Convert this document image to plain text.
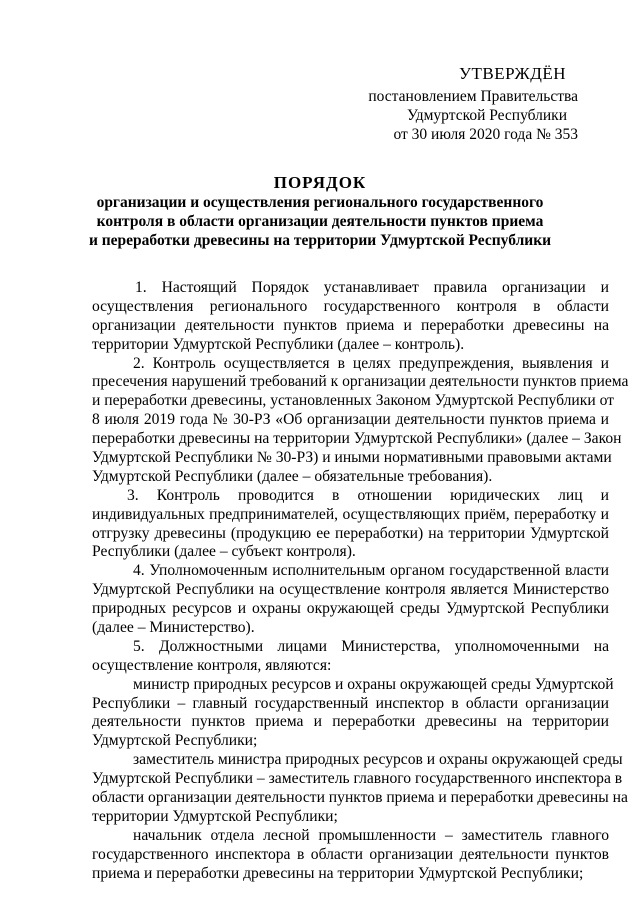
УТВЕРЖДЁН
постановлением Правительства
Удмуртской Республики
от 30 июля 2020 года № 353
ПОРЯДОК
организации и осуществления регионального государственного
контроля в области организации деятельности пунктов приема
и переработки древесины на территории Удмуртской Республики
1. Настоящий Порядок устанавливает правила организации и
осуществления регионального государственного контроля в области
организации деятельности пунктов приема и переработки древесины на
территории Удмуртской Республики (далее – контроль).
2. Контроль осуществляется в целях предупреждения, выявления и
пресечения нарушений требований к организации деятельности пунктов приема
и переработки древесины, установленных Законом Удмуртской Республики от
8 июля 2019 года № 30-РЗ «Об организации деятельности пунктов приема и
переработки древесины на территории Удмуртской Республики» (далее – Закон
Удмуртской Республики № 30-РЗ) и иными нормативными правовыми актами
Удмуртской Республики (далее – обязательные требования).
3. Контроль проводится в отношении юридических лиц и
индивидуальных предпринимателей, осуществляющих приём, переработку и
отгрузку древесины (продукцию ее переработки) на территории Удмуртской
Республики (далее – субъект контроля).
4. Уполномоченным исполнительным органом государственной власти
Удмуртской Республики на осуществление контроля является Министерство
природных ресурсов и охраны окружающей среды Удмуртской Республики
(далее – Министерство).
5. Должностными лицами Министерства, уполномоченными на
осуществление контроля, являются:
министр природных ресурсов и охраны окружающей среды Удмуртской
Республики – главный государственный инспектор в области организации
деятельности пунктов приема и переработки древесины на территории
Удмуртской Республики;
заместитель министра природных ресурсов и охраны окружающей среды
Удмуртской Республики – заместитель главного государственного инспектора в
области организации деятельности пунктов приема и переработки древесины на
территории Удмуртской Республики;
начальник отдела лесной промышленности – заместитель главного
государственного инспектора в области организации деятельности пунктов
приема и переработки древесины на территории Удмуртской Республики;
